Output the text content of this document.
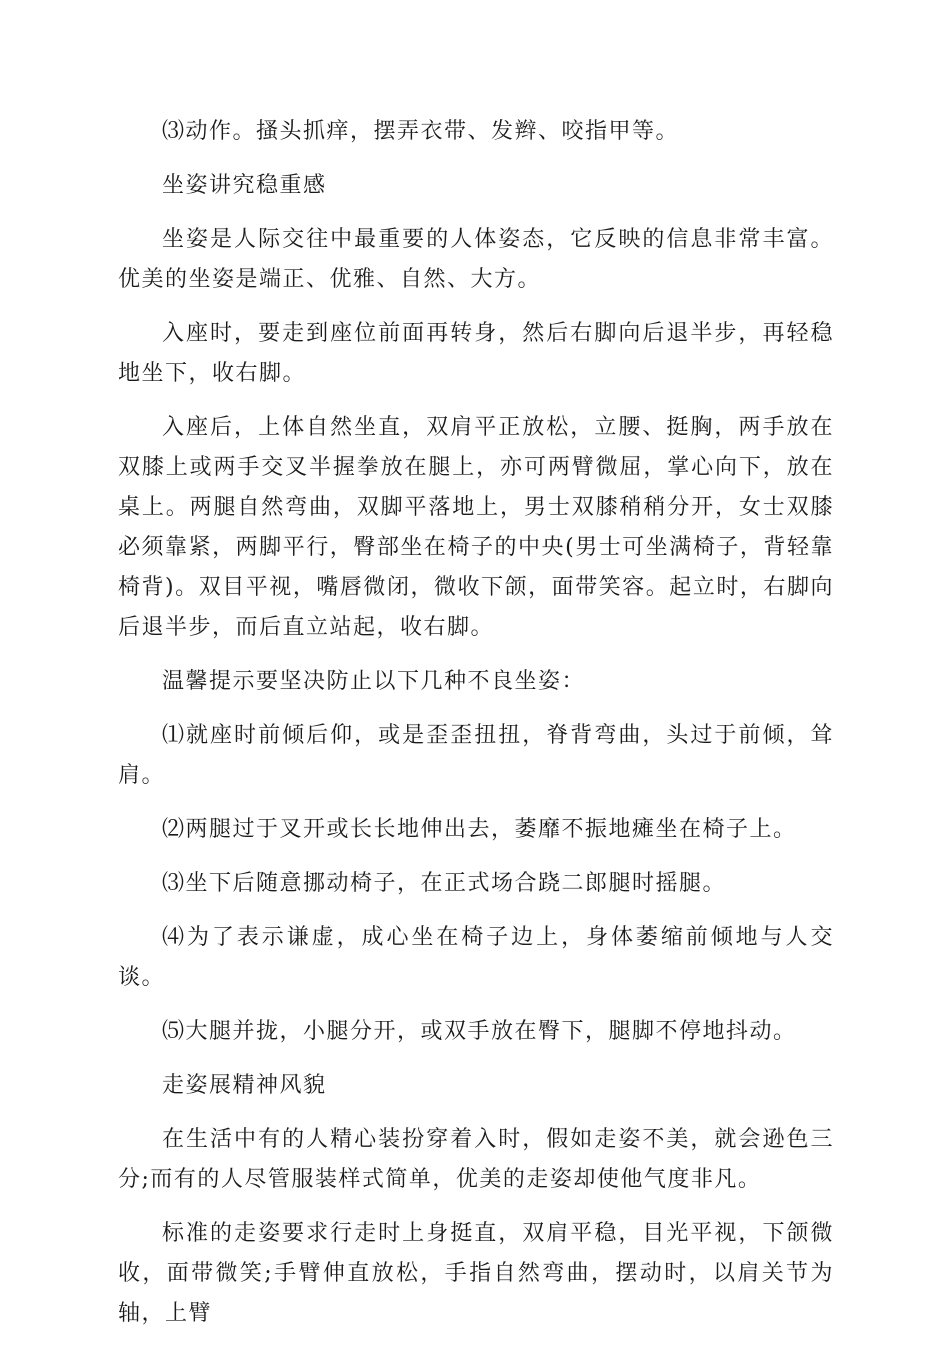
⑶动作。搔头抓痒，摆弄衣带、发辫、咬指甲等。

坐姿讲究稳重感

坐姿是人际交往中最重要的人体姿态，它反映的信息非常丰富。优美的坐姿是端正、优雅、自然、大方。

入座时，要走到座位前面再转身，然后右脚向后退半步，再轻稳地坐下，收右脚。

入座后，上体自然坐直，双肩平正放松，立腰、挺胸，两手放在双膝上或两手交叉半握拳放在腿上，亦可两臂微屈，掌心向下，放在桌上。两腿自然弯曲，双脚平落地上，男士双膝稍稍分开，女士双膝必须靠紧，两脚平行，臀部坐在椅子的中央(男士可坐满椅子，背轻靠椅背)。双目平视，嘴唇微闭，微收下颌，面带笑容。起立时，右脚向后退半步，而后直立站起，收右脚。

温馨提示要坚决防止以下几种不良坐姿：

⑴就座时前倾后仰，或是歪歪扭扭，脊背弯曲，头过于前倾，耸肩。

⑵两腿过于叉开或长长地伸出去，萎靡不振地瘫坐在椅子上。

⑶坐下后随意挪动椅子，在正式场合跷二郎腿时摇腿。

⑷为了表示谦虚，成心坐在椅子边上，身体萎缩前倾地与人交谈。

⑸大腿并拢，小腿分开，或双手放在臀下，腿脚不停地抖动。

走姿展精神风貌

在生活中有的人精心装扮穿着入时，假如走姿不美，就会逊色三分;而有的人尽管服装样式简单，优美的走姿却使他气度非凡。

标准的走姿要求行走时上身挺直，双肩平稳，目光平视，下颌微收，面带微笑;手臂伸直放松，手指自然弯曲，摆动时，以肩关节为轴，上臂
